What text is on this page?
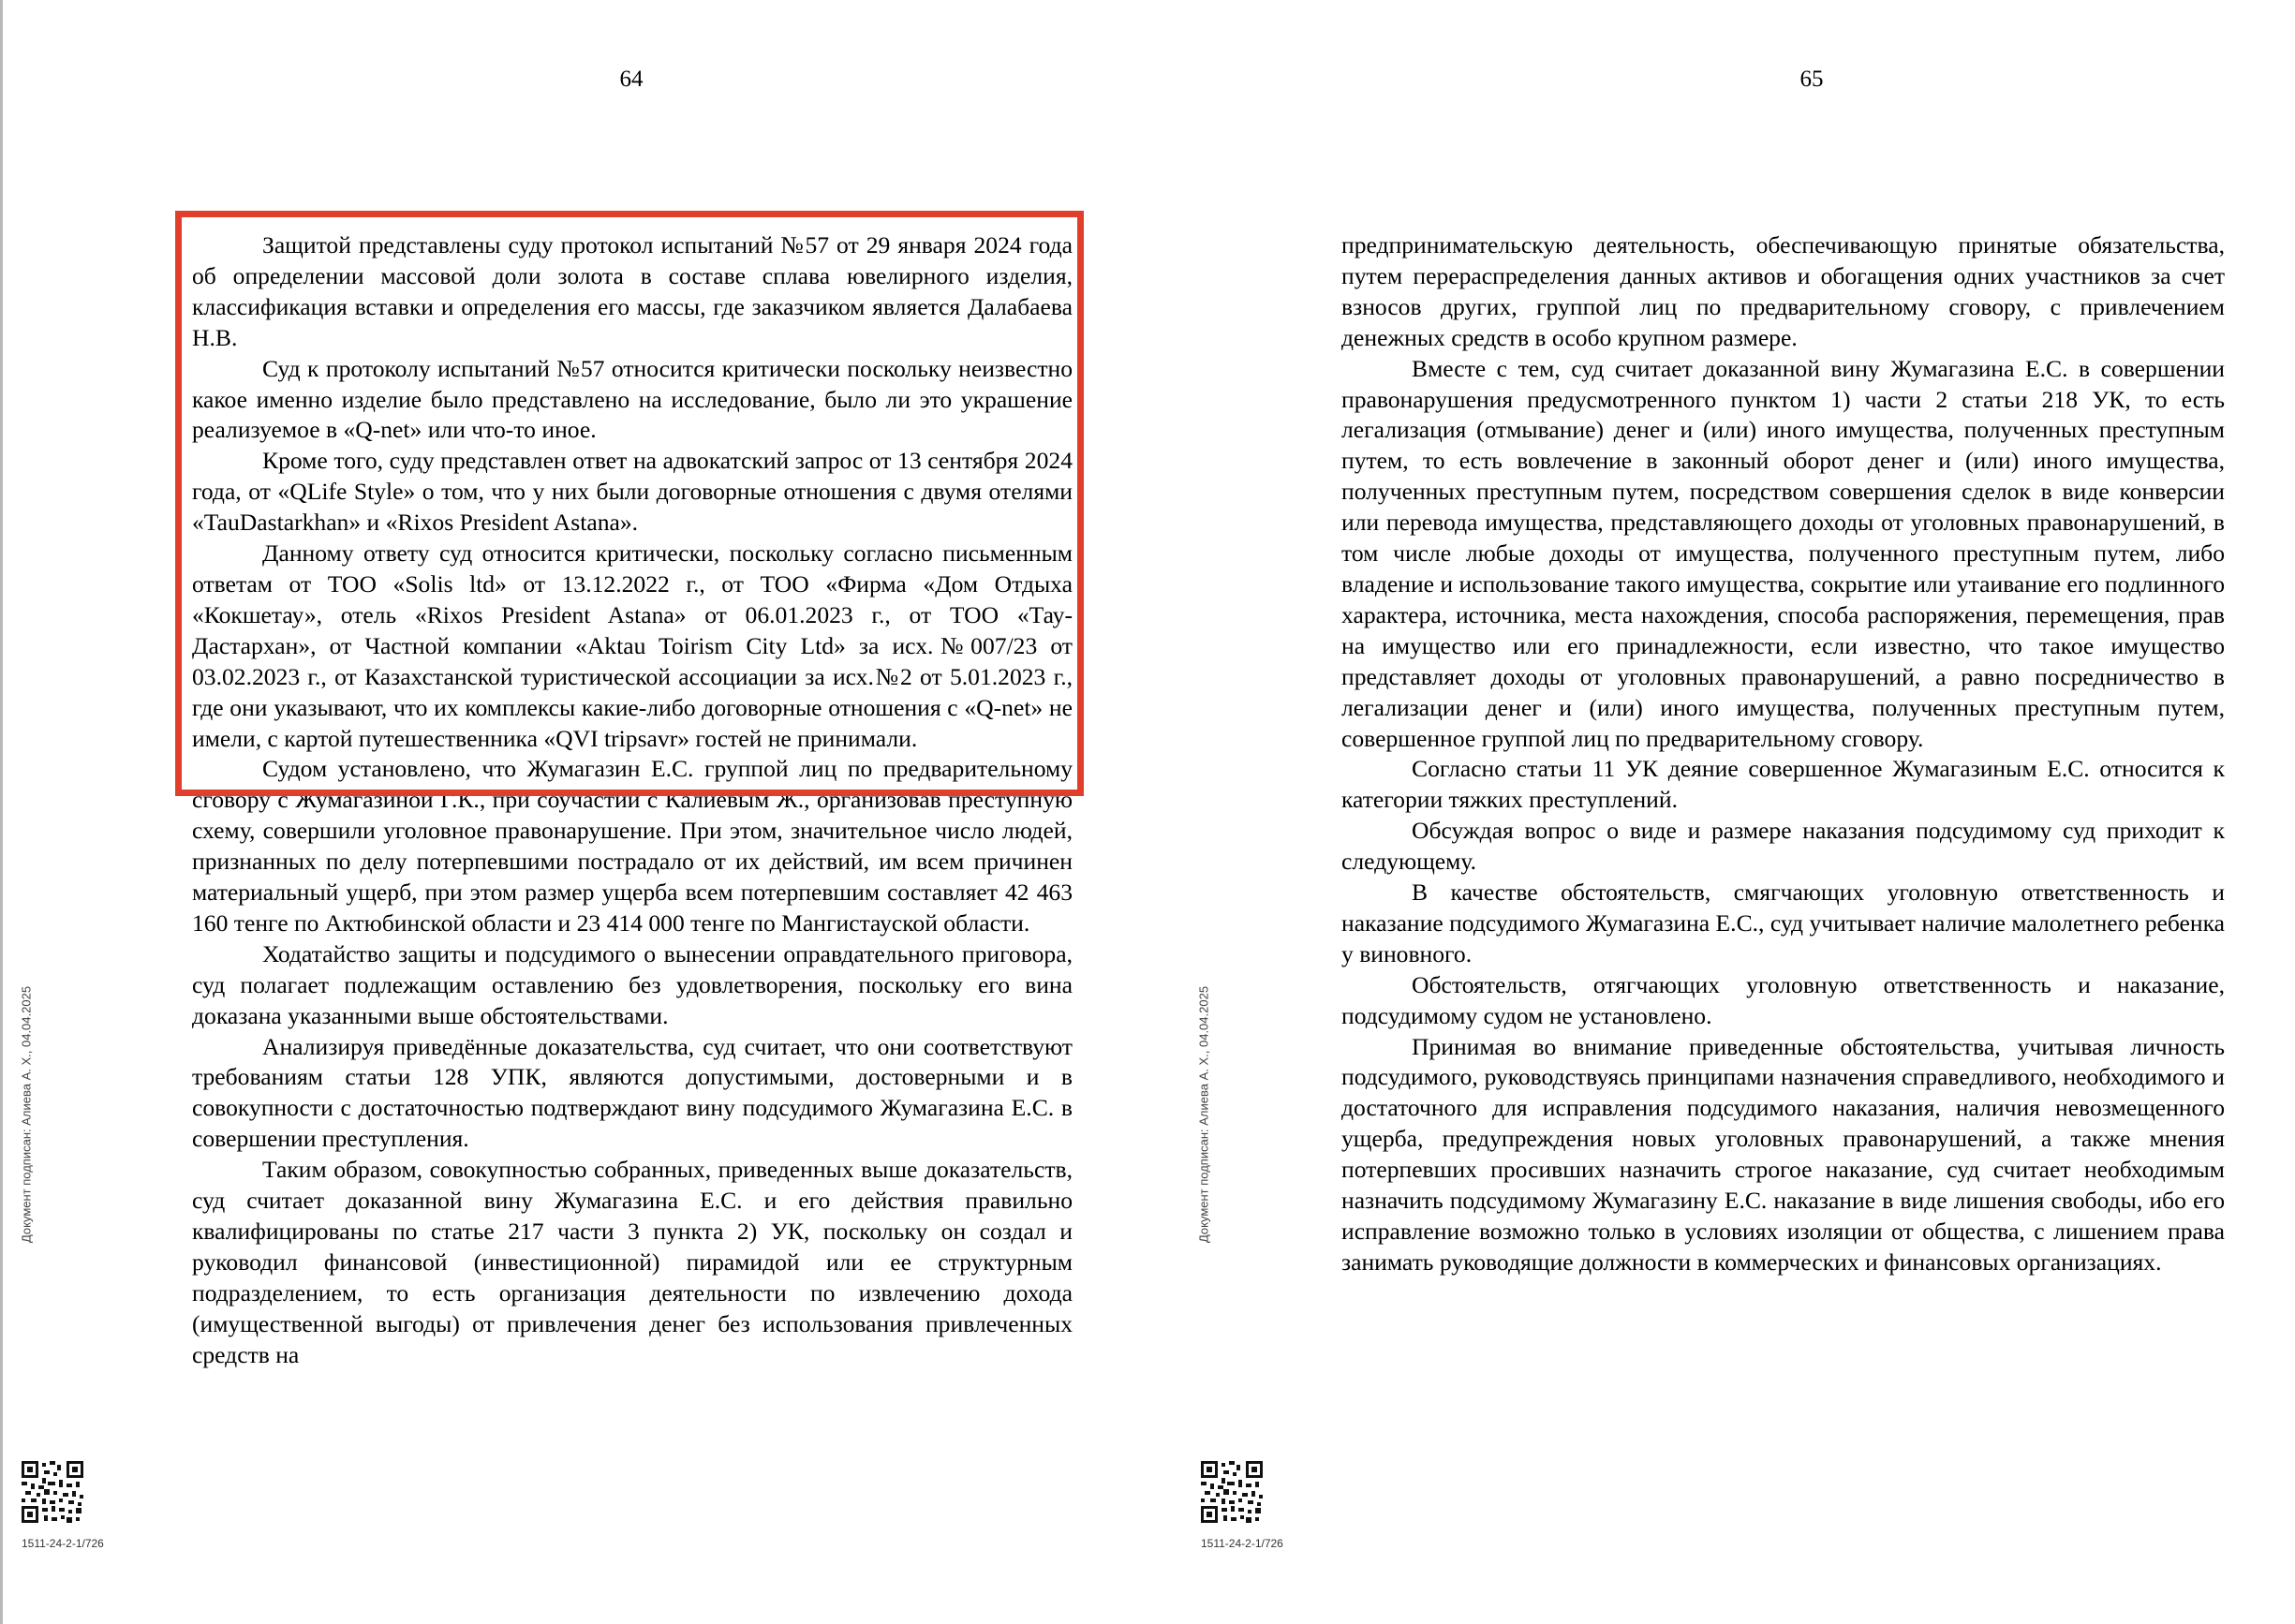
64

Защитой представлены суду протокол испытаний №57 от 29 января 2024 года об определении массовой доли золота в составе сплава ювелирного изделия, классификация вставки и определения его массы, где заказчиком является Далабаева Н.В.

Суд к протоколу испытаний №57 относится критически поскольку неизвестно какое именно изделие было представлено на исследование, было ли это украшение реализуемое в «Q-net» или что-то иное.

Кроме того, суду представлен ответ на адвокатский запрос от 13 сентября 2024 года, от «QLife Style» о том, что у них были договорные отношения с двумя отелями «TauDastarkhan» и «Rixos President Astana».

Данному ответу суд относится критически, поскольку согласно письменным ответам от ТОО «Solis ltd» от 13.12.2022 г., от ТОО «Фирма «Дом Отдыха «Кокшетау», отель «Rixos President Astana» от 06.01.2023 г., от ТОО «Тау- Дастархан», от Частной компании «Aktau Toirism City Ltd» за исх.№007/23 от 03.02.2023 г., от Казахстанской туристической ассоциации за исх.№2 от 5.01.2023 г., где они указывают, что их комплексы какие-либо договорные отношения с «Q-net» не имели, с картой путешественника «QVI tripsavr» гостей не принимали.

Судом установлено, что Жумагазин Е.С. группой лиц по предварительному сговору с Жумагазиной Г.К., при соучастии с Калиевым Ж., организовав преступную схему, совершили уголовное правонарушение. При этом, значительное число людей, признанных по делу потерпевшими пострадало от их действий, им всем причинен материальный ущерб, при этом размер ущерба всем потерпевшим составляет 42 463 160 тенге по Актюбинской области и 23 414 000 тенге по Мангистауской области.

Ходатайство защиты и подсудимого о вынесении оправдательного приговора, суд полагает подлежащим оставлению без удовлетворения, поскольку его вина доказана указанными выше обстоятельствами.

Анализируя приведённые доказательства, суд считает, что они соответствуют требованиям статьи 128 УПК, являются допустимыми, достоверными и в совокупности с достаточностью подтверждают вину подсудимого Жумагазина Е.С. в совершении преступления.

Таким образом, совокупностью собранных, приведенных выше доказательств, суд считает доказанной вину Жумагазина Е.С. и его действия правильно квалифицированы по статье 217 части 3 пункта 2) УК, поскольку он создал и руководил финансовой (инвестиционной) пирамидой или ее структурным подразделением, то есть организация деятельности по извлечению дохода (имущественной выгоды) от привлечения денег без использования привлеченных средств на

Документ подписан: Алиева А. Х., 04.04.2025
1511-24-2-1/726
65

предпринимательскую деятельность, обеспечивающую принятые обязательства, путем перераспределения данных активов и обогащения одних участников за счет взносов других, группой лиц по предварительному сговору, с привлечением денежных средств в особо крупном размере.

Вместе с тем, суд считает доказанной вину Жумагазина Е.С. в совершении правонарушения предусмотренного пунктом 1) части 2 статьи 218 УК, то есть легализация (отмывание) денег и (или) иного имущества, полученных преступным путем, то есть вовлечение в законный оборот денег и (или) иного имущества, полученных преступным путем, посредством совершения сделок в виде конверсии или перевода имущества, представляющего доходы от уголовных правонарушений, в том числе любые доходы от имущества, полученного преступным путем, либо владение и использование такого имущества, сокрытие или утаивание его подлинного характера, источника, места нахождения, способа распоряжения, перемещения, прав на имущество или его принадлежности, если известно, что такое имущество представляет доходы от уголовных правонарушений, а равно посредничество в легализации денег и (или) иного имущества, полученных преступным путем, совершенное группой лиц по предварительному сговору.

Согласно статьи 11 УК деяние совершенное Жумагазиным Е.С. относится к категории тяжких преступлений.

Обсуждая вопрос о виде и размере наказания подсудимому суд приходит к следующему.

В качестве обстоятельств, смягчающих уголовную ответственность и наказание подсудимого Жумагазина Е.С., суд учитывает наличие малолетнего ребенка у виновного.

Обстоятельств, отягчающих уголовную ответственность и наказание, подсудимому судом не установлено.

Принимая во внимание приведенные обстоятельства, учитывая личность подсудимого, руководствуясь принципами назначения справедливого, необходимого и достаточного для исправления подсудимого наказания, наличия невозмещенного ущерба, предупреждения новых уголовных правонарушений, а также мнения потерпевших просивших назначить строгое наказание, суд считает необходимым назначить подсудимому Жумагазину Е.С. наказание в виде лишения свободы, ибо его исправление возможно только в условиях изоляции от общества, с лишением права занимать руководящие должности в коммерческих и финансовых организациях.

Документ подписан: Алиева А. Х., 04.04.2025
1511-24-2-1/726
